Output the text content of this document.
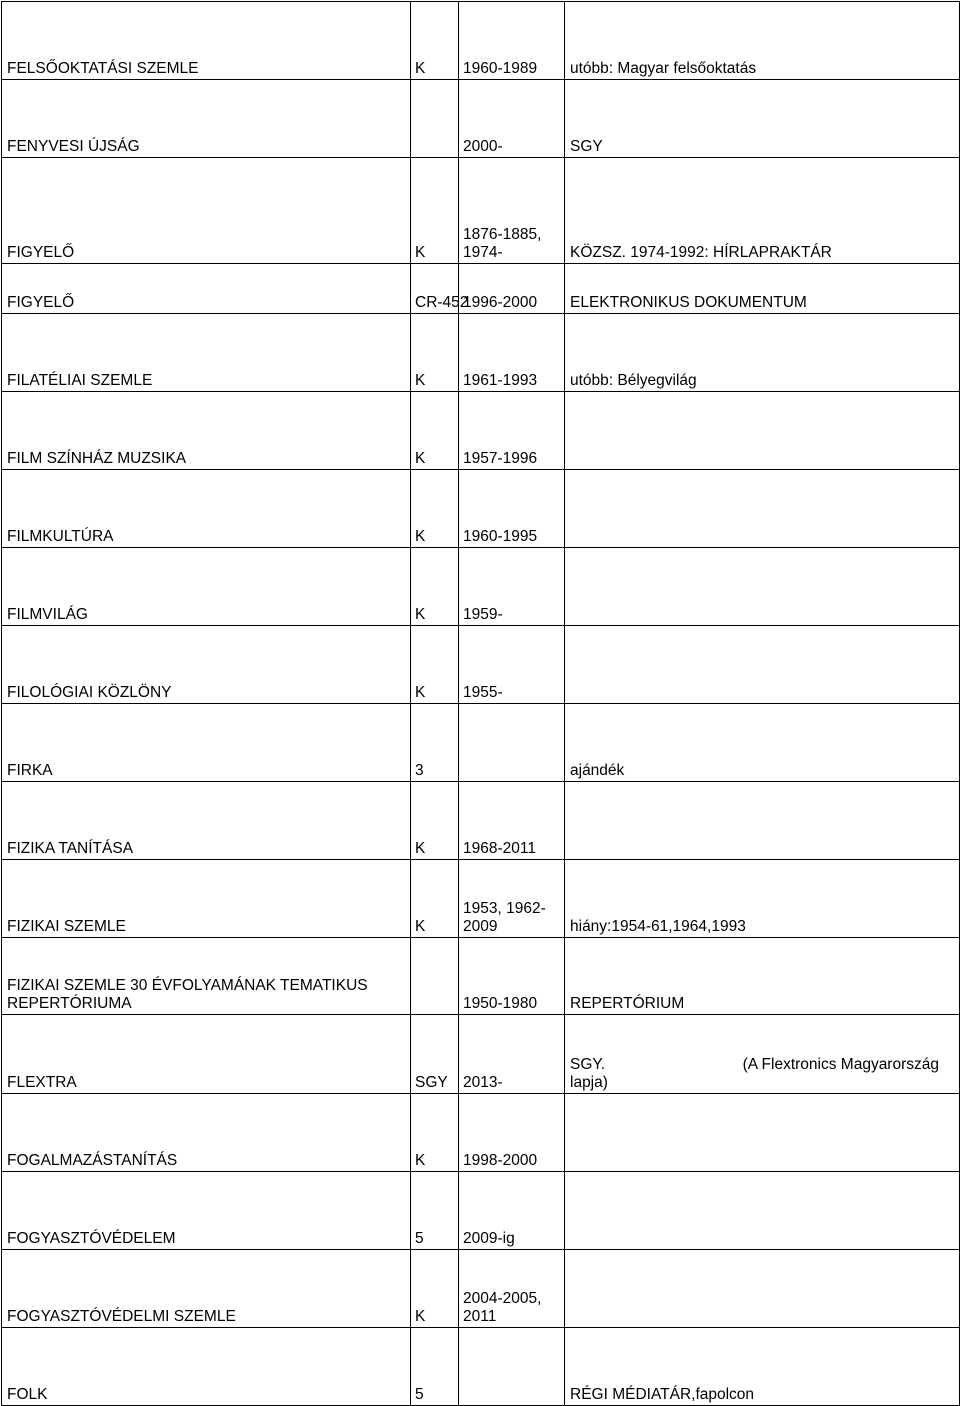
FELSŐOKTATÁSI SZEMLE	K	1960-1989	utóbb: Magyar felsőoktatás
FENYVESI ÚJSÁG		2000-	SGY
FIGYELŐ	K	1876-1885, 1974-	KÖZSZ. 1974-1992: HÍRLAPRAKTÁR
FIGYELŐ	CR-452	1996-2000	ELEKTRONIKUS DOKUMENTUM
FILATÉLIAI SZEMLE	K	1961-1993	utóbb: Bélyegvilág
FILM SZÍNHÁZ MUZSIKA	K	1957-1996	
FILMKULTÚRA	K	1960-1995	
FILMVILÁG	K	1959-	
FILOLÓGIAI KÖZLÖNY	K	1955-	
FIRKA	3		ajándék
FIZIKA TANÍTÁSA	K	1968-2011	
FIZIKAI SZEMLE	K	1953, 1962-2009	hiány:1954-61,1964,1993
FIZIKAI SZEMLE 30 ÉVFOLYAMÁNAK TEMATIKUS REPERTÓRIUMA		1950-1980	REPERTÓRIUM
FLEXTRA	SGY	2013-	SGY. (A Flextronics Magyarország
lapja)

FOGALMAZÁSTANÍTÁS	K	1998-2000	
FOGYASZTÓVÉDELEM	5	2009-ig	
FOGYASZTÓVÉDELMI SZEMLE	K	2004-2005, 2011	
FOLK	5		RÉGI MÉDIATÁR,fapolcon
